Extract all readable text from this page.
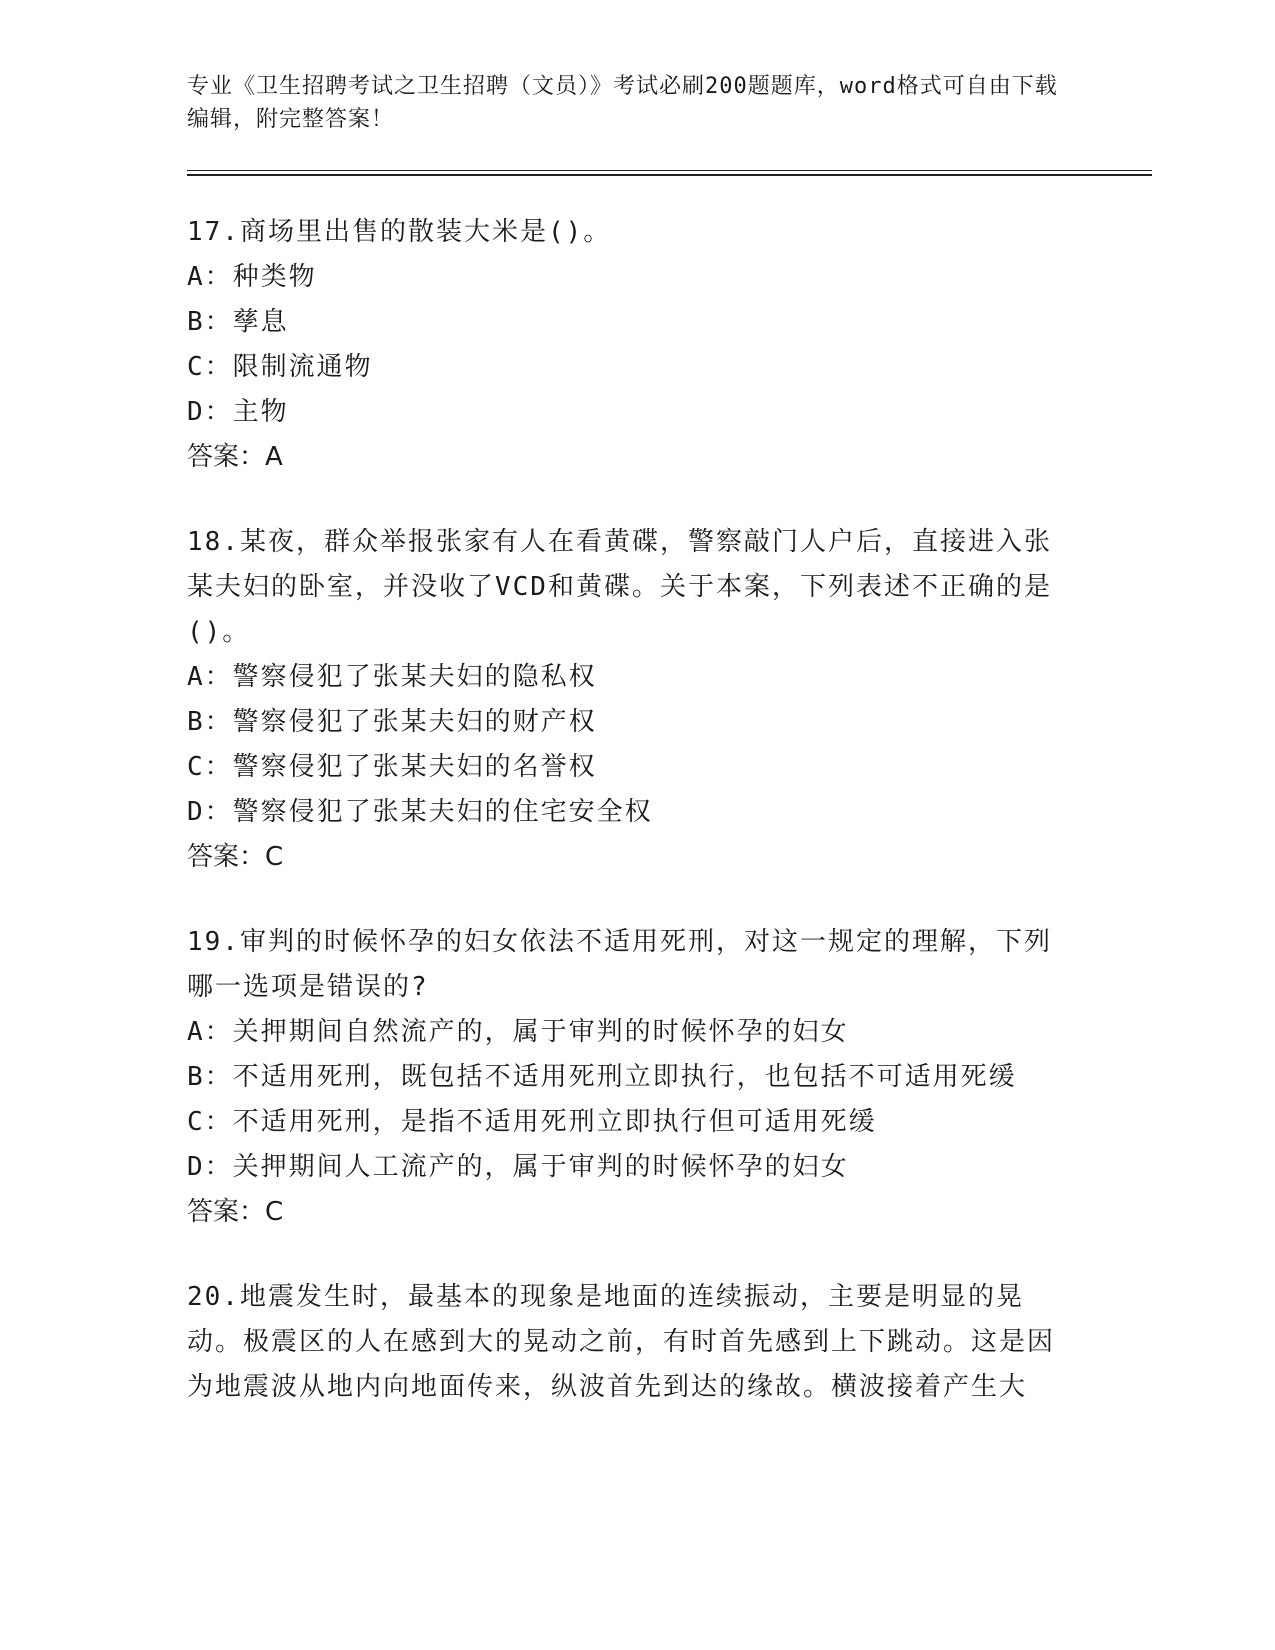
专业《卫生招聘考试之卫生招聘（文员）》考试必刷200题题库，word格式可自由下载编辑，附完整答案！

17.商场里出售的散装大米是()。

A：种类物

B：孳息

C：限制流通物

D：主物

答案：A

18.某夜，群众举报张家有人在看黄碟，警察敲门人户后，直接进入张某夫妇的卧室，并没收了VCD和黄碟。关于本案，下列表述不正确的是()。

A：警察侵犯了张某夫妇的隐私权

B：警察侵犯了张某夫妇的财产权

C：警察侵犯了张某夫妇的名誉权

D：警察侵犯了张某夫妇的住宅安全权

答案：C

19.审判的时候怀孕的妇女依法不适用死刑，对这一规定的理解，下列哪一选项是错误的?

A：关押期间自然流产的，属于审判的时候怀孕的妇女

B：不适用死刑，既包括不适用死刑立即执行，也包括不可适用死缓

C：不适用死刑，是指不适用死刑立即执行但可适用死缓

D：关押期间人工流产的，属于审判的时候怀孕的妇女

答案：C

20.地震发生时，最基本的现象是地面的连续振动，主要是明显的晃动。极震区的人在感到大的晃动之前，有时首先感到上下跳动。这是因为地震波从地内向地面传来，纵波首先到达的缘故。横波接着产生大
